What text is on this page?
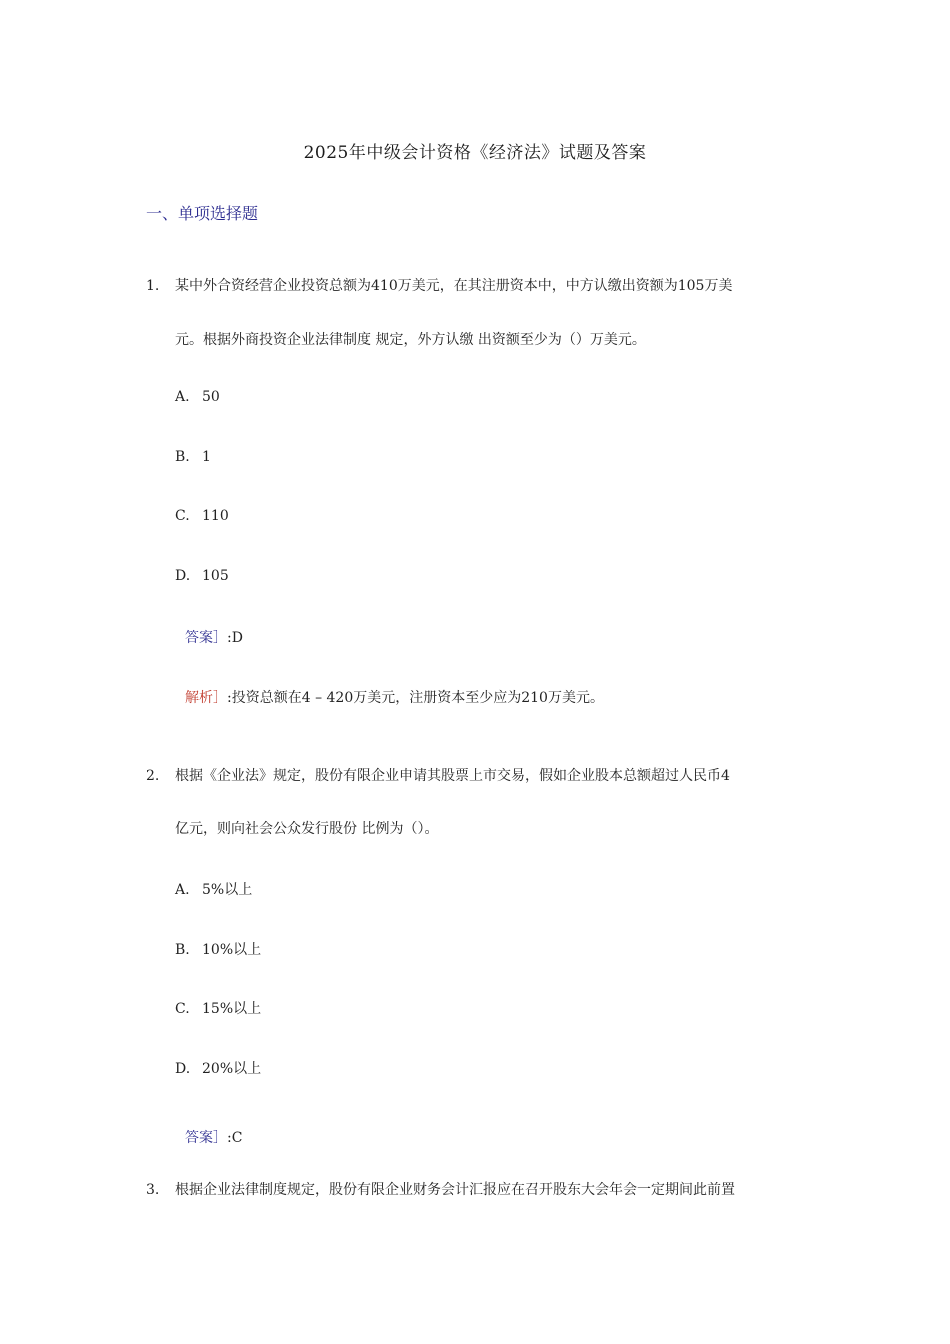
2025年中级会计资格《经济法》试题及答案
一、单项选择题
1. 某中外合资经营企业投资总额为410万美元，在其注册资本中，中方认缴出资额为105万美
元。根据外商投资企业法律制度 规定，外方认缴 出资额至少为（）万美元。
A. 50
B. 1
C. 110
D. 105
答案］:D
解析］:投资总额在4 – 420万美元，注册资本至少应为210万美元。
2. 根据《企业法》规定，股份有限企业申请其股票上市交易，假如企业股本总额超过人民币4
亿元，则向社会公众发行股份 比例为（）。
A. 5%以上
B. 10%以上
C. 15%以上
D. 20%以上
答案］:C
3. 根据企业法律制度规定，股份有限企业财务会计汇报应在召开股东大会年会一定期间此前置
